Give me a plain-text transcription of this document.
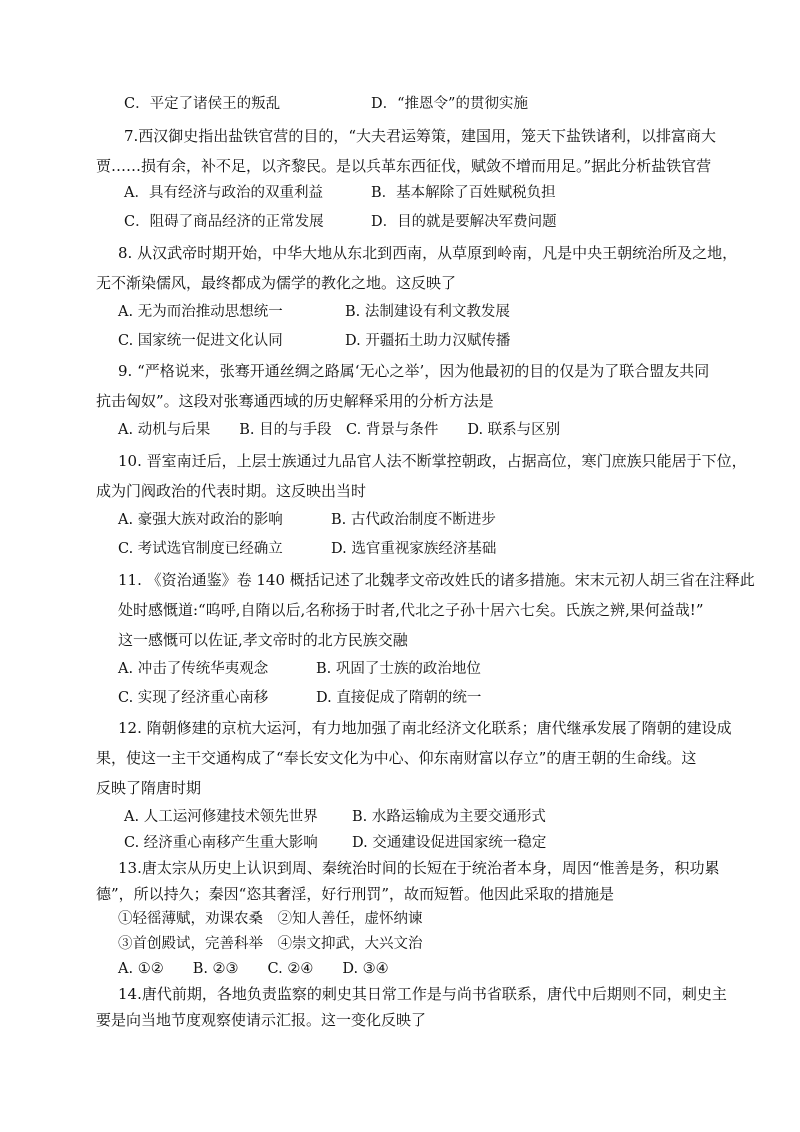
C．平定了诸侯王的叛乱	D．“推恩令”的贯彻实施
7.西汉御史指出盐铁官营的目的，“大夫君运筹策，建国用，笼天下盐铁诸利，以排富商大
贾……损有余，补不足，以齐黎民。是以兵革东西征伐，赋敛不增而用足。”据此分析盐铁官营
A．具有经济与政治的双重利益	B．基本解除了百姓赋税负担
C．阻碍了商品经济的正常发展	D．目的就是要解决军费问题
8. 从汉武帝时期开始，中华大地从东北到西南，从草原到岭南，凡是中央王朝统治所及之地，
无不渐染儒风，最终都成为儒学的教化之地。这反映了
A. 无为而治推动思想统一	B. 法制建设有利文教发展
C. 国家统一促进文化认同	D. 开疆拓土助力汉赋传播
9. “严格说来，张骞开通丝绸之路属‘无心之举’，因为他最初的目的仅是为了联合盟友共同
抗击匈奴”。这段对张骞通西域的历史解释采用的分析方法是
A. 动机与后果　　B. 目的与手段　C. 背景与条件　　D. 联系与区别
10. 晋室南迁后，上层士族通过九品官人法不断掌控朝政，占据高位，寒门庶族只能居于下位，
成为门阀政治的代表时期。这反映出当时
A. 豪强大族对政治的影响	B. 古代政治制度不断进步
C. 考试选官制度已经确立	D. 选官重视家族经济基础
11. 《资治通鉴》卷 140 概括记述了北魏孝文帝改姓氏的诸多措施。宋末元初人胡三省在注释此
处时感慨道:“呜呼,自隋以后,名称扬于时者,代北之子孙十居六七矣。氏族之辨,果何益哉!”
这一感慨可以佐证,孝文帝时的北方民族交融
A. 冲击了传统华夷观念	B. 巩固了士族的政治地位
C. 实现了经济重心南移	D. 直接促成了隋朝的统一
12. 隋朝修建的京杭大运河，有力地加强了南北经济文化联系；唐代继承发展了隋朝的建设成
果，使这一主干交通构成了“奉长安文化为中心、仰东南财富以存立”的唐王朝的生命线。这
反映了隋唐时期
A. 人工运河修建技术领先世界 B. 水路运输成为主要交通形式
C. 经济重心南移产生重大影响 D. 交通建设促进国家统一稳定
13.唐太宗从历史上认识到周、秦统治时间的长短在于统治者本身，周因“惟善是务，积功累
德”，所以持久；秦因“恣其奢淫，好行刑罚”，故而短暂。他因此采取的措施是
①轻徭薄赋，劝课农桑　②知人善任，虚怀纳谏
③首创殿试，完善科举　④崇文抑武，大兴文治
A. ①②　　B. ②③　　C. ②④　　D. ③④
14.唐代前期，各地负责监察的刺史其日常工作是与尚书省联系，唐代中后期则不同，刺史主
要是向当地节度观察使请示汇报。这一变化反映了
